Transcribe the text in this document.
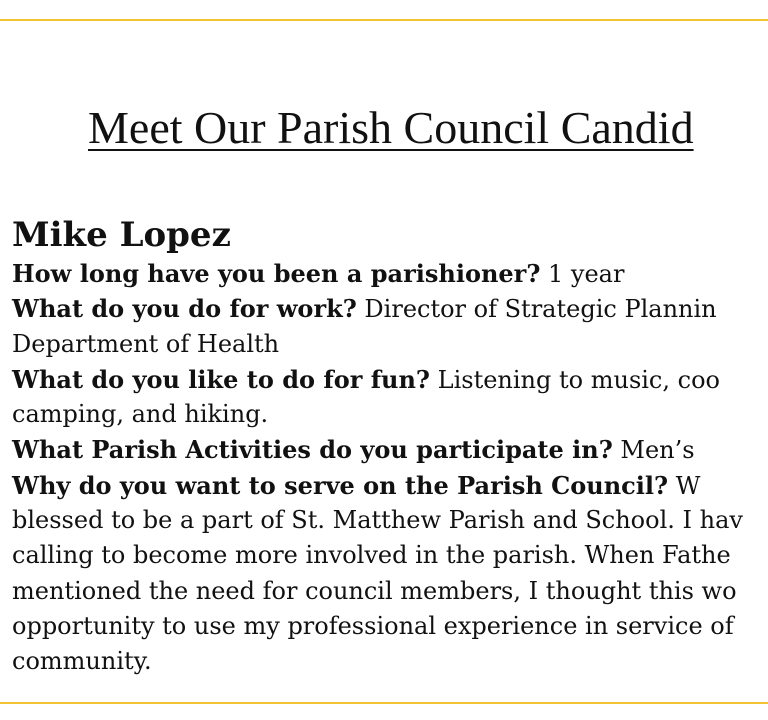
Meet Our Parish Council Candid
Mike Lopez
How long have you been a parishioner? 1 year
What do you do for work? Director of Strategic Plannin
Department of Health
What do you like to do for fun? Listening to music, coo
camping, and hiking.
What Parish Activities do you participate in? Men’s
Why do you want to serve on the Parish Council? W
blessed to be a part of St. Matthew Parish and School. I hav
calling to become more involved in the parish. When Fathe
mentioned the need for council members, I thought this wo
opportunity to use my professional experience in service of
community.
